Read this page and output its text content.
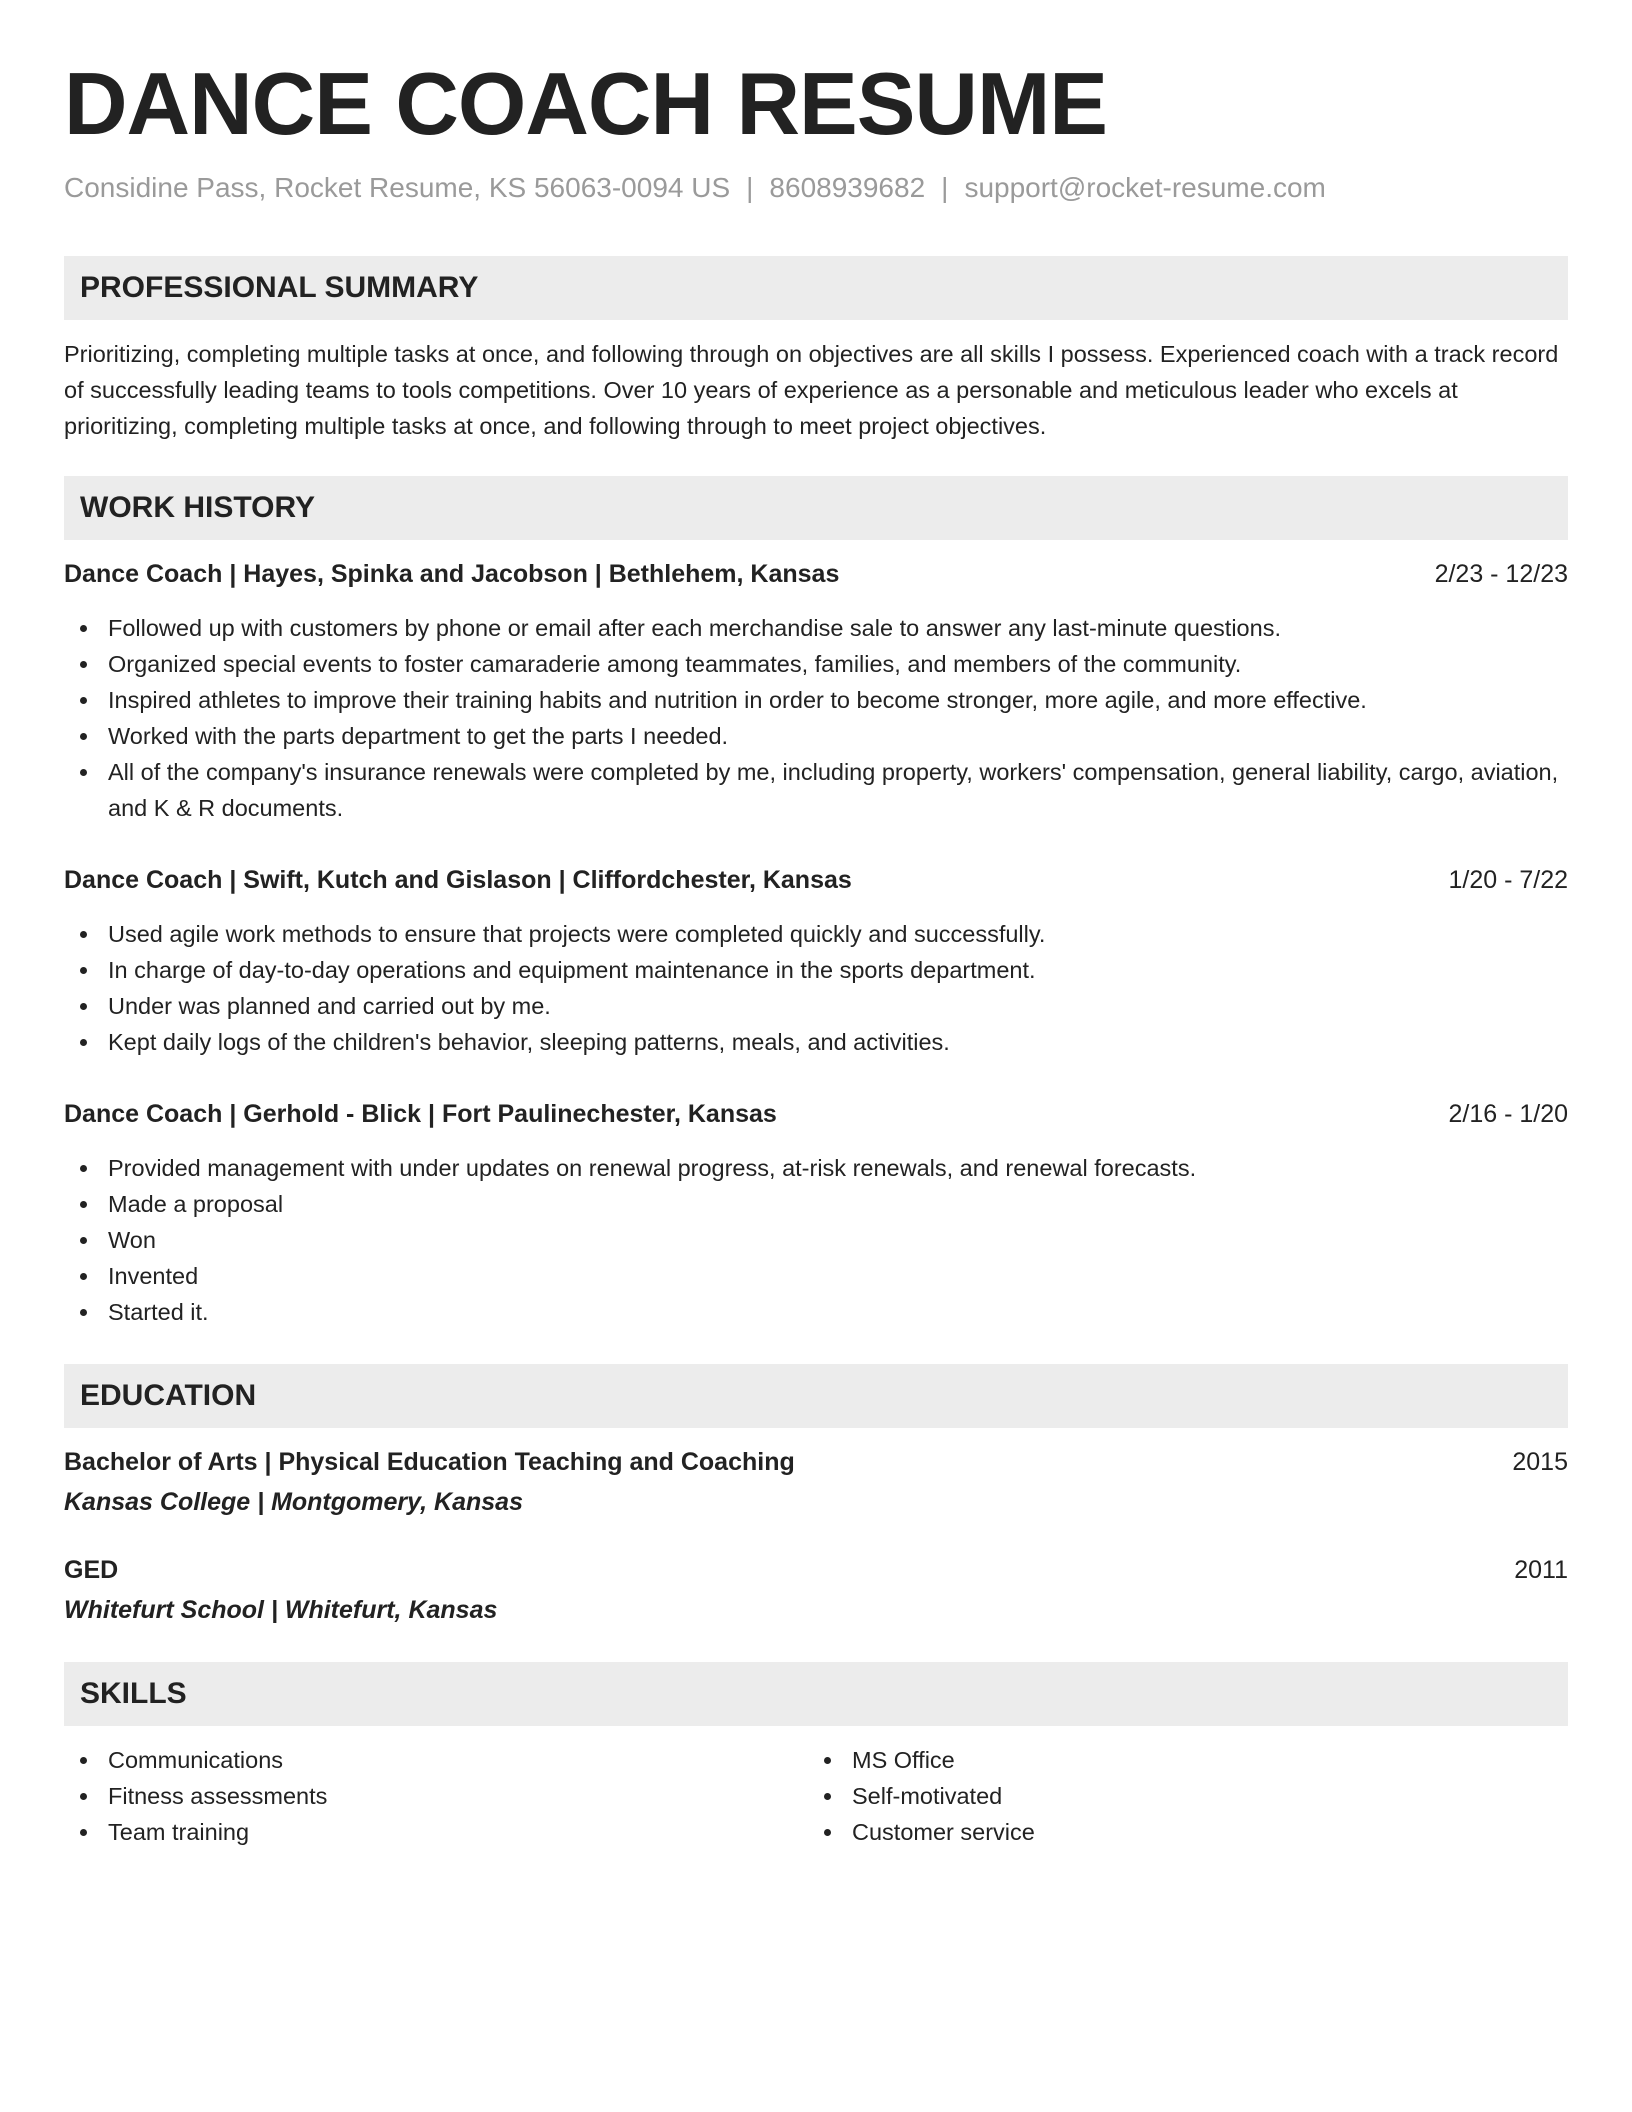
DANCE COACH RESUME
Considine Pass, Rocket Resume, KS 56063-0094 US | 8608939682 | support@rocket-resume.com
PROFESSIONAL SUMMARY

Prioritizing, completing multiple tasks at once, and following through on objectives are all skills I possess. Experienced coach with a track record of successfully leading teams to tools competitions. Over 10 years of experience as a personable and meticulous leader who excels at prioritizing, completing multiple tasks at once, and following through to meet project objectives.

WORK HISTORY
Dance Coach | Hayes, Spinka and Jacobson | Bethlehem, Kansas	2/23 - 12/23
Followed up with customers by phone or email after each merchandise sale to answer any last-minute questions.
Organized special events to foster camaraderie among teammates, families, and members of the community.
Inspired athletes to improve their training habits and nutrition in order to become stronger, more agile, and more effective.
Worked with the parts department to get the parts I needed.
All of the company's insurance renewals were completed by me, including property, workers' compensation, general liability, cargo, aviation, and K & R documents.
Dance Coach | Swift, Kutch and Gislason | Cliffordchester, Kansas	1/20 - 7/22
Used agile work methods to ensure that projects were completed quickly and successfully.
In charge of day-to-day operations and equipment maintenance in the sports department.
Under was planned and carried out by me.
Kept daily logs of the children's behavior, sleeping patterns, meals, and activities.
Dance Coach | Gerhold - Blick | Fort Paulinechester, Kansas	2/16 - 1/20
Provided management with under updates on renewal progress, at-risk renewals, and renewal forecasts.
Made a proposal
Won
Invented
Started it.
EDUCATION
Bachelor of Arts | Physical Education Teaching and Coaching	2015
Kansas College | Montgomery, Kansas
GED	2011
Whitefurt School | Whitefurt, Kansas
SKILLS
Communications
Fitness assessments
Team training
MS Office
Self-motivated
Customer service
